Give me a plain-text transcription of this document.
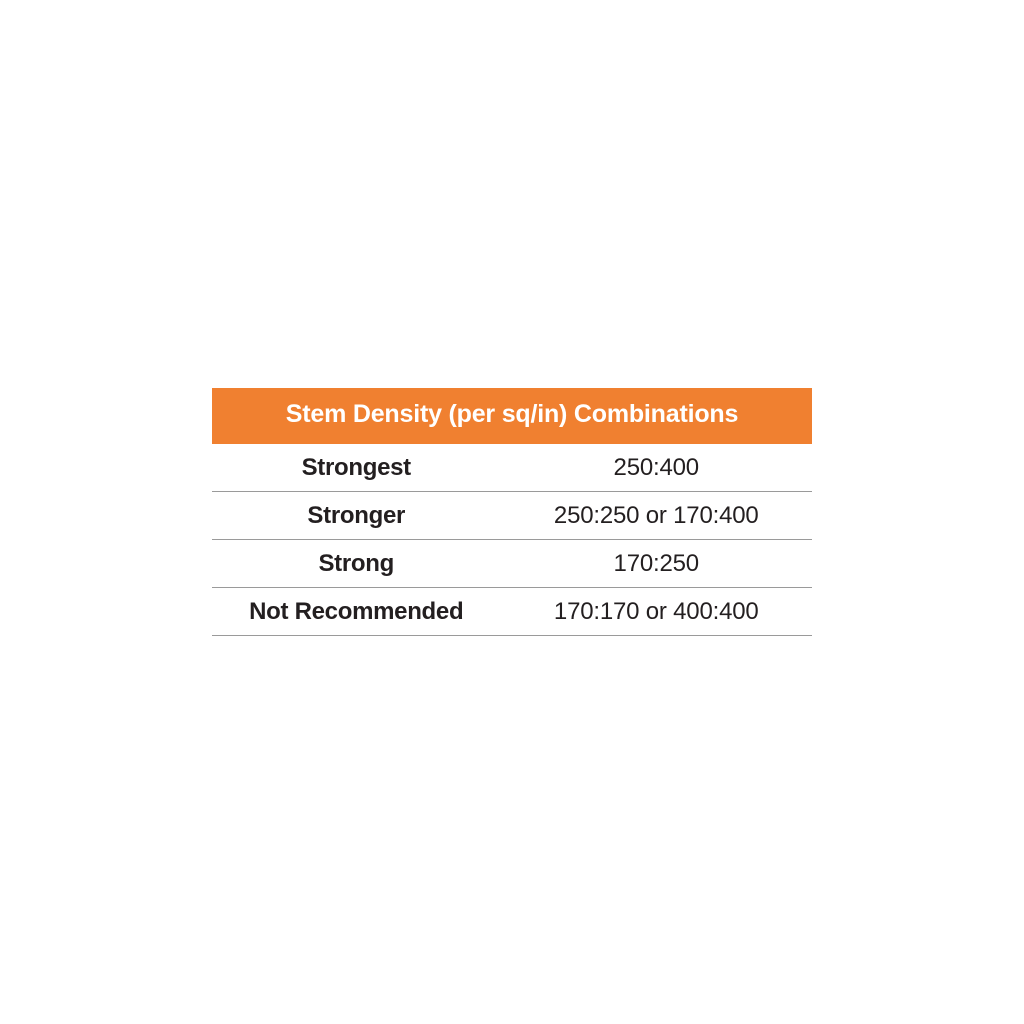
Stem Density (per sq/in) Combinations
Strongest	250:400
Stronger	250:250 or 170:400
Strong	170:250
Not Recommended	170:170 or 400:400
